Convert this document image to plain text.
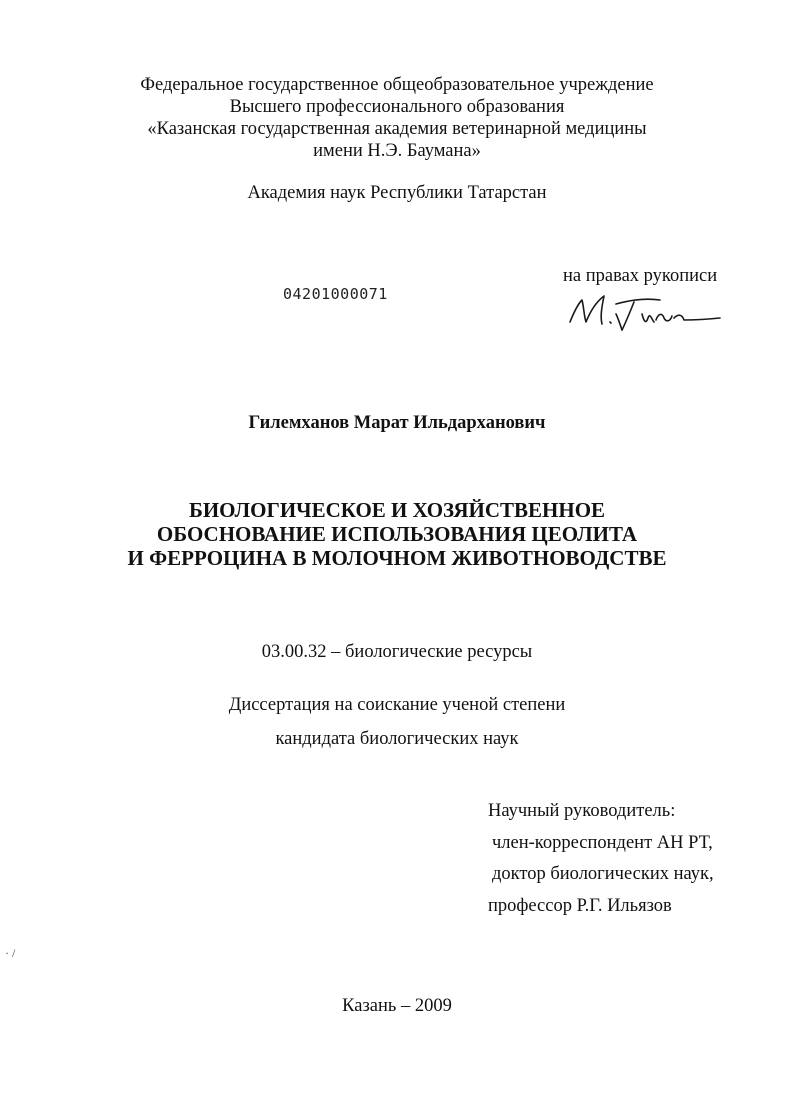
Федеральное государственное общеобразовательное учреждение
Высшего профессионального образования
«Казанская государственная академия ветеринарной медицины
имени Н.Э. Баумана»
Академия наук Республики Татарстан
04201000071
на правах рукописи
Гилемханов Марат Ильдарханович
БИОЛОГИЧЕСКОЕ И ХОЗЯЙСТВЕННОЕ
ОБОСНОВАНИЕ ИСПОЛЬЗОВАНИЯ ЦЕОЛИТА
И ФЕРРОЦИНА В МОЛОЧНОМ ЖИВОТНОВОДСТВЕ
03.00.32 – биологические ресурсы
Диссертация на соискание ученой степени
кандидата биологических наук
Научный руководитель:
член-корреспондент АН РТ,
доктор биологических наук,
профессор Р.Г. Ильязов
· /
Казань – 2009
